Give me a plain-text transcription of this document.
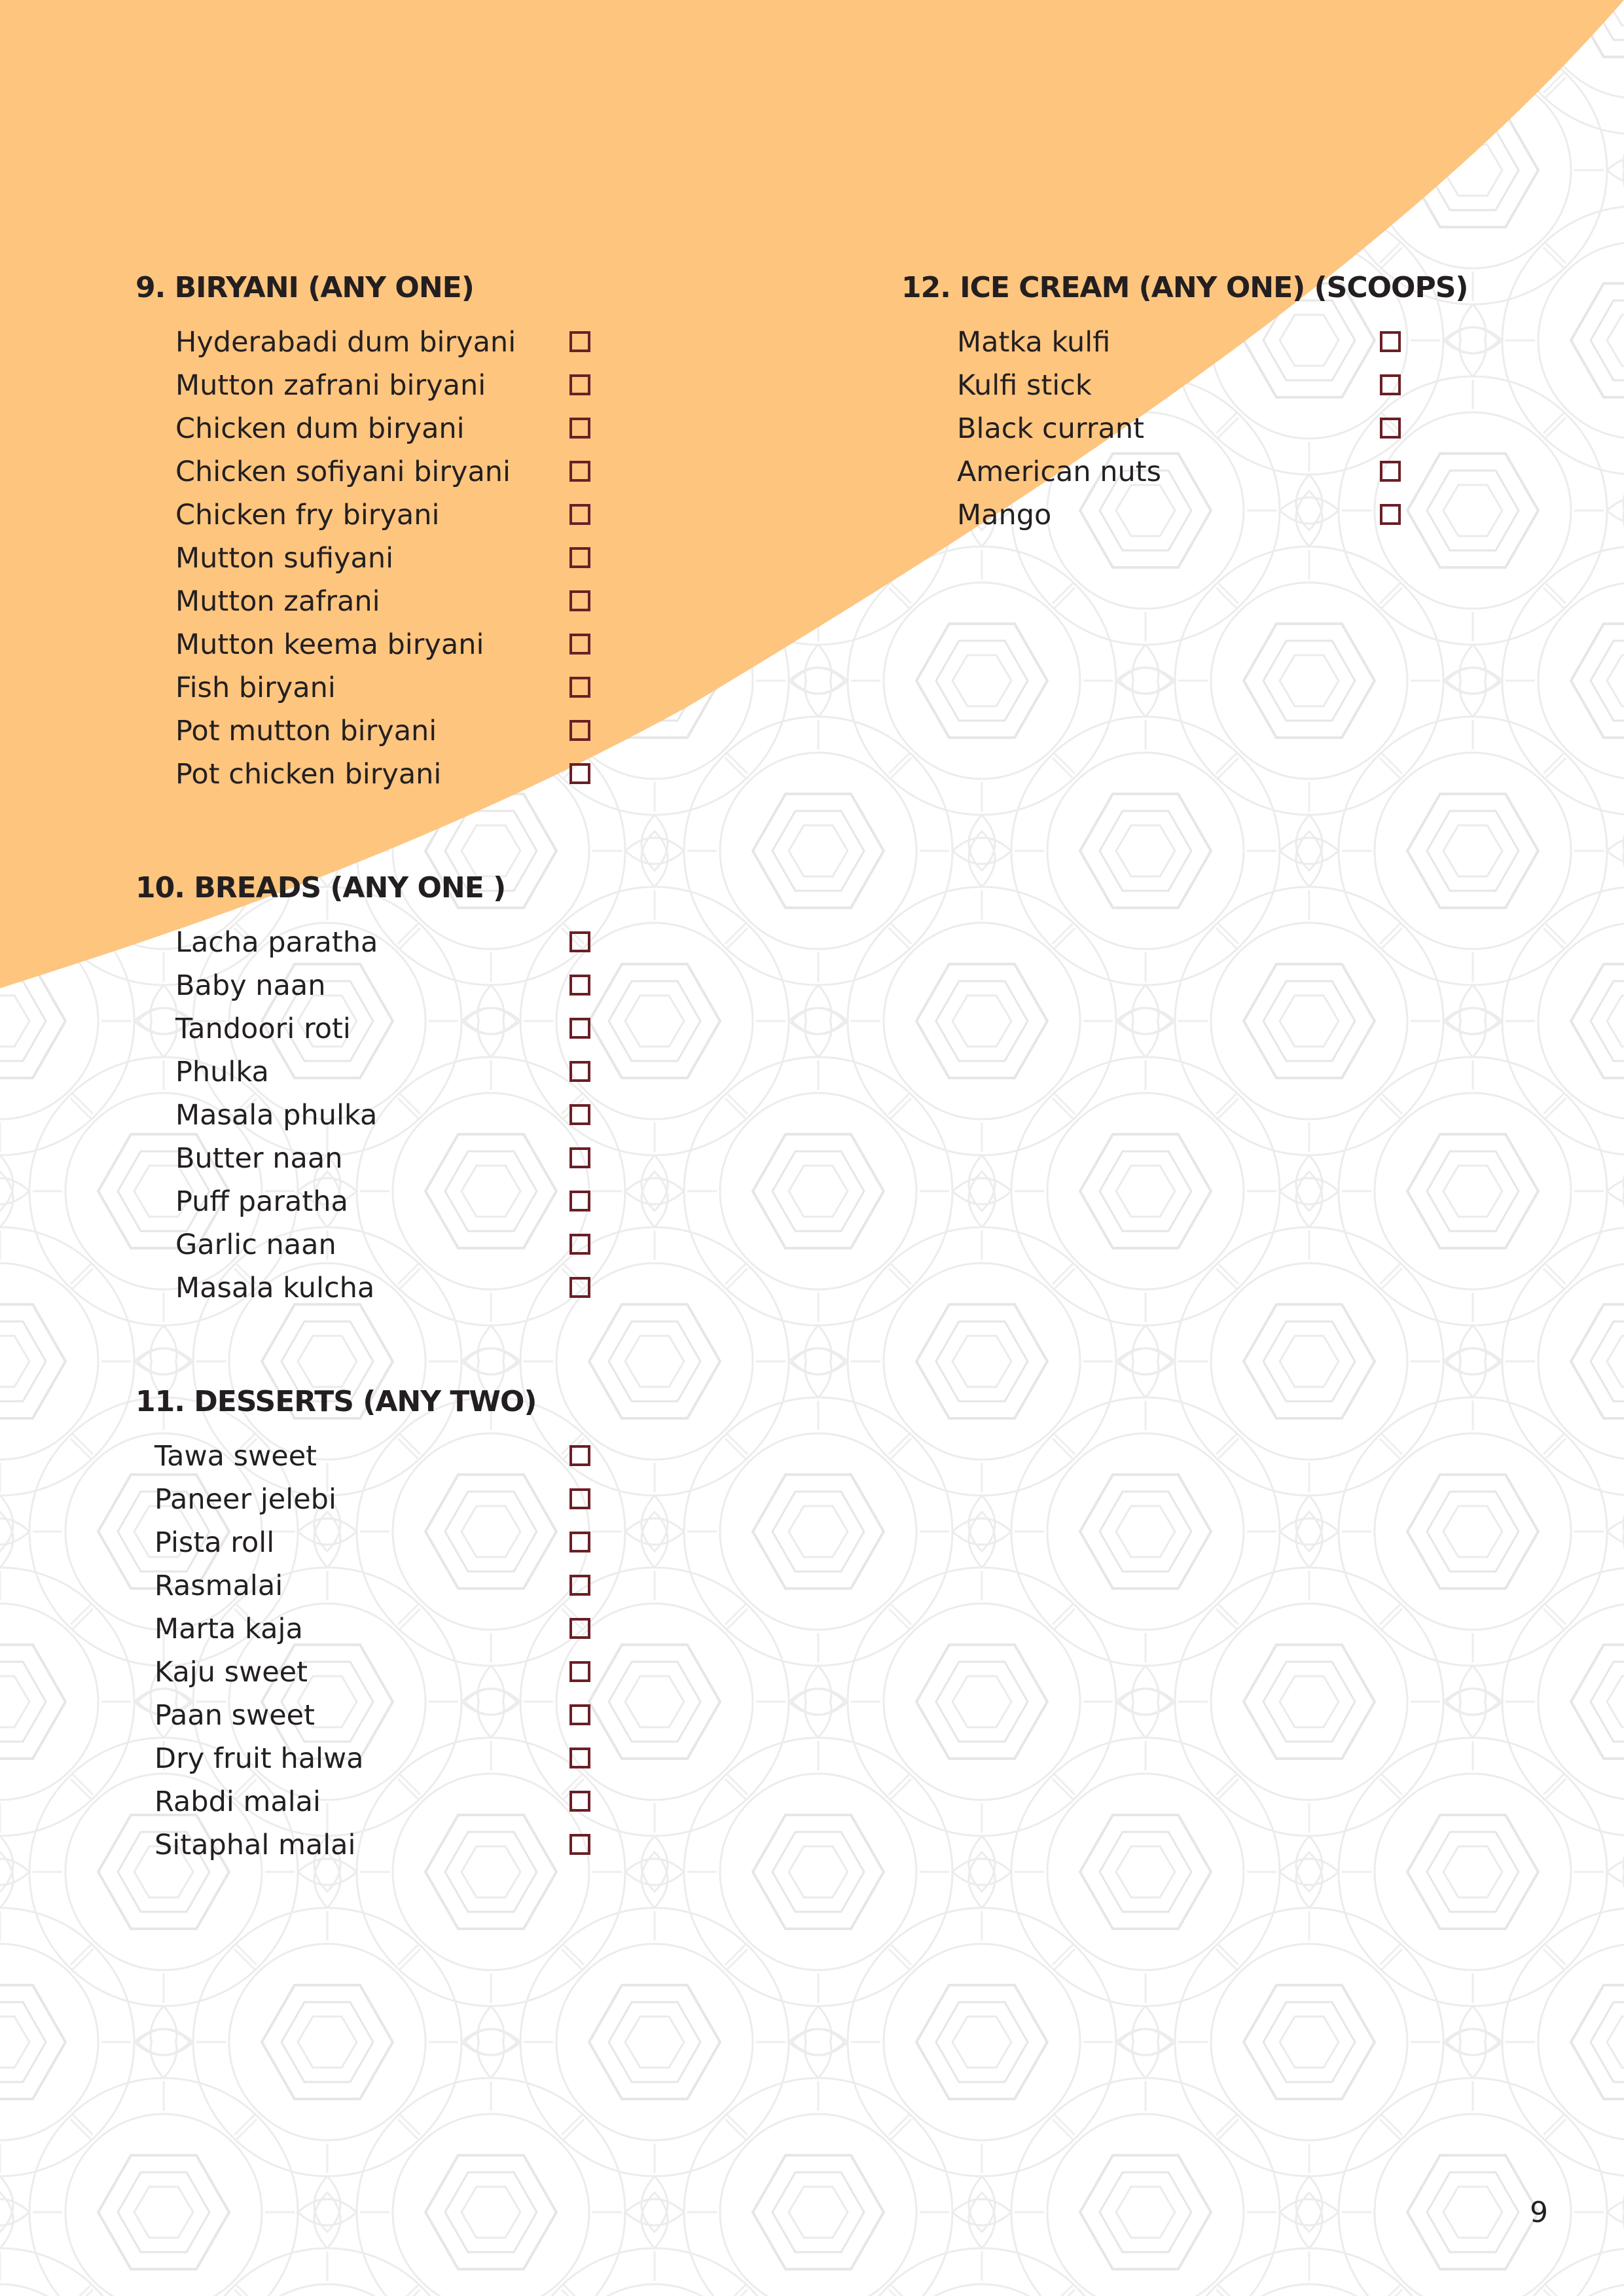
9. BIRYANI (ANY ONE)
Hyderabadi dum biryani
Mutton zafrani biryani
Chicken dum biryani
Chicken sofiyani biryani
Chicken fry biryani
Mutton sufiyani
Mutton zafrani
Mutton keema biryani
Fish biryani
Pot mutton biryani
Pot chicken biryani
10. BREADS (ANY ONE )
Lacha paratha
Baby naan
Tandoori roti
Phulka
Masala phulka
Butter naan
Puff paratha
Garlic naan
Masala kulcha
11. DESSERTS (ANY TWO)
Tawa sweet
Paneer jelebi
Pista roll
Rasmalai
Marta kaja
Kaju sweet
Paan sweet
Dry fruit halwa
Rabdi malai
Sitaphal malai
12. ICE CREAM (ANY ONE) (SCOOPS)
Matka kulfi
Kulfi stick
Black currant
American nuts
Mango
9
